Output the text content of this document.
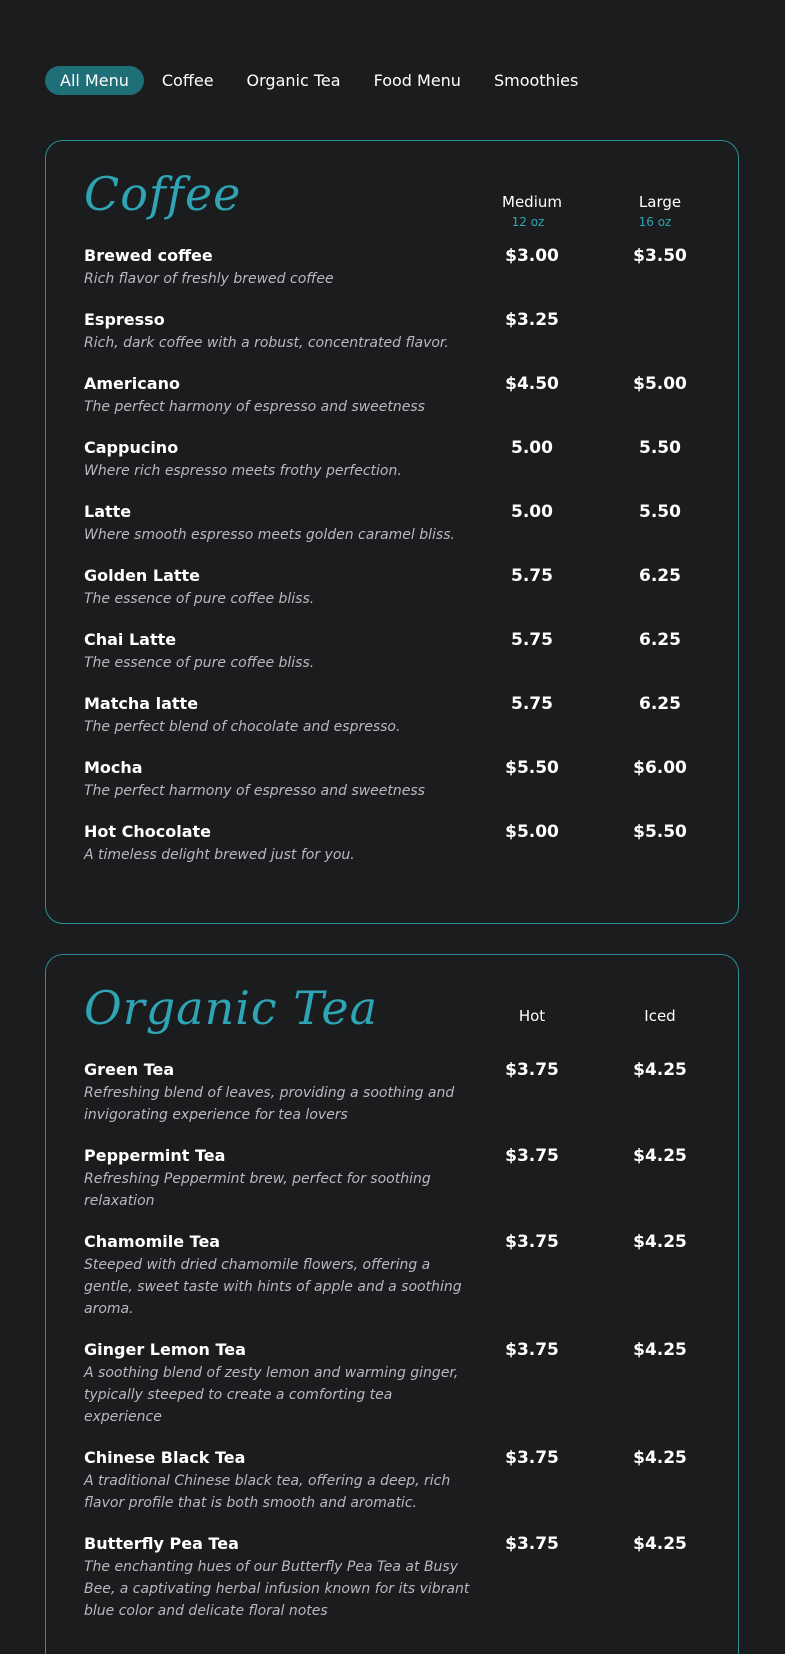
All Menu	Coffee	Organic Tea	Food Menu	Smoothies
Coffee	Medium
12 oz
Large
16 oz
Brewed coffee
Rich flavor of freshly brewed coffee
$3.00	$3.50
Espresso
Rich, dark coffee with a robust, concentrated flavor.
$3.25
Americano
The perfect harmony of espresso and sweetness
$4.50	$5.00
Cappucino
Where rich espresso meets frothy perfection.
5.00	5.50
Latte
Where smooth espresso meets golden caramel bliss.
5.00	5.50
Golden Latte
The essence of pure coffee bliss.
5.75	6.25
Chai Latte
The essence of pure coffee bliss.
5.75	6.25
Matcha latte
The perfect blend of chocolate and espresso.
5.75	6.25
Mocha
The perfect harmony of espresso and sweetness
$5.50	$6.00
Hot Chocolate
A timeless delight brewed just for you.
$5.00	$5.50
Organic Tea	Hot	Iced
Green Tea
Refreshing blend of leaves, providing a soothing and invigorating experience for tea lovers
$3.75	$4.25
Peppermint Tea
Refreshing Peppermint brew, perfect for soothing relaxation
$3.75	$4.25
Chamomile Tea
Steeped with dried chamomile flowers, offering a gentle, sweet taste with hints of apple and a soothing aroma.
$3.75	$4.25
Ginger Lemon Tea
A soothing blend of zesty lemon and warming ginger, typically steeped to create a comforting tea experience
$3.75	$4.25
Chinese Black Tea
A traditional Chinese black tea, offering a deep, rich flavor profile that is both smooth and aromatic.
$3.75	$4.25
Butterfly Pea Tea
The enchanting hues of our Butterfly Pea Tea at Busy Bee, a captivating herbal infusion known for its vibrant blue color and delicate floral notes
$3.75	$4.25
